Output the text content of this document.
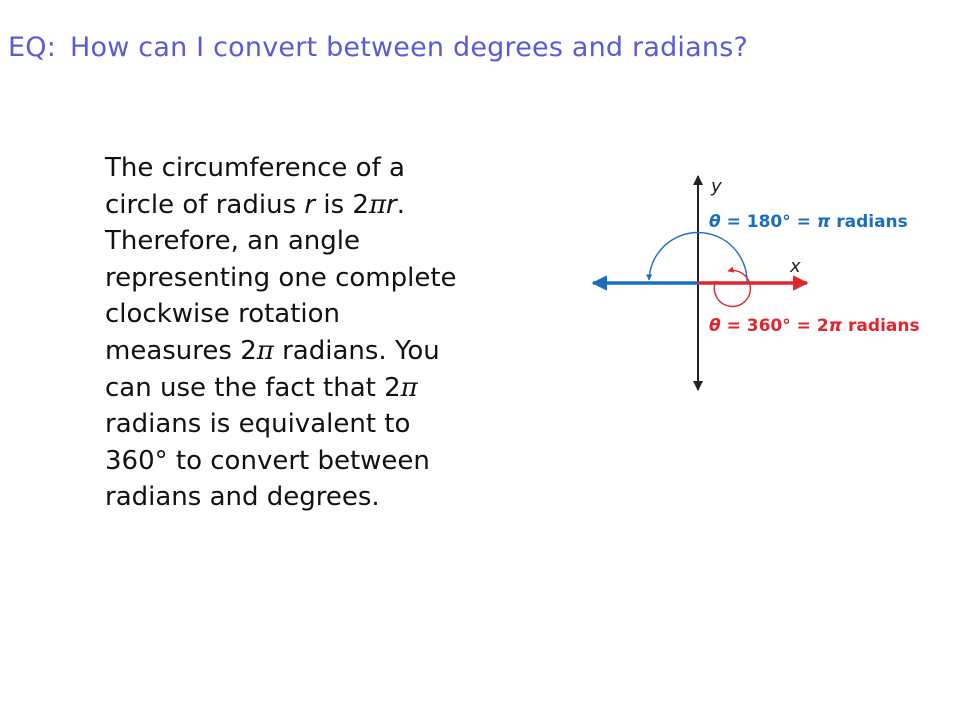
EQ: How can I convert between degrees and radians?
The circumference of a
circle of radius r is 2πr.
Therefore, an angle
representing one complete
clockwise rotation
measures 2π radians. You
can use the fact that 2π
radians is equivalent to
360° to convert between
radians and degrees.
y
x
θ = 180° = π radians
θ = 360° = 2π radians
